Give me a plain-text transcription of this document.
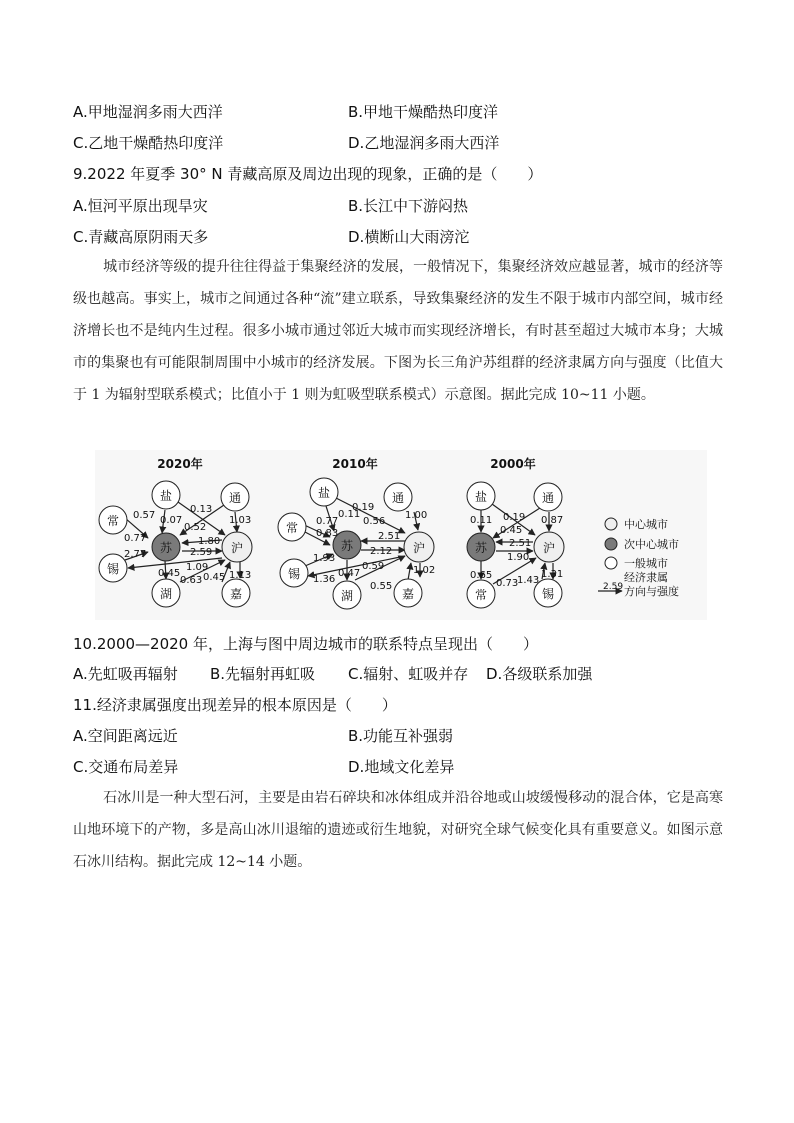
A.甲地湿润多雨大西洋	B.甲地干燥酷热印度洋
C.乙地干燥酷热印度洋	D.乙地湿润多雨大西洋
9.2022 年夏季 30° N 青藏高原及周边出现的现象，正确的是（　　）
A.恒河平原出现旱灾	B.长江中下游闷热
C.青藏高原阴雨天多	D.横断山大雨滂沱
城市经济等级的提升往往得益于集聚经济的发展，一般情况下，集聚经济效应越显著，城市的经济等级也越高。事实上，城市之间通过各种“流”建立联系，导致集聚经济的发生不限于城市内部空间，城市经济增长也不是纯内生过程。很多小城市通过邻近大城市而实现经济增长，有时甚至超过大城市本身；大城市的集聚也有可能限制周围中小城市的经济发展。下图为长三角沪苏组群的经济隶属方向与强度（比值大于 1 为辐射型联系模式；比值小于 1 则为虹吸型联系模式）示意图。据此完成 10~11 小题。
2020年
盐	通
常
苏	沪
锡
湖	嘉
0.13
0.57 0.07
0.52
1.03
0.77	1.80
2.77	2.59
1.09
0.45
0.63 0.45 1.13
2010年
盐	通
常
苏	沪
锡
湖	嘉
0.11
0.19
1.00
0.77
0.83
0.56
2.51
2.12
1.93
1.36
0.59
0.47
0.55
1.02
2000年
盐	通
苏	沪
常	锡
0.11 0.19 0.87
0.45
2.51
1.90
0.65
0.73
1.43
1.31
中心城市
次中心城市
一般城市
经济隶属
2.59 方向与强度
10.2000—2020 年，上海与图中周边城市的联系特点呈现出（　　）
A.先虹吸再辐射 B.先辐射再虹吸 C.辐射、虹吸并存 D.各级联系加强
11.经济隶属强度出现差异的根本原因是（　　）
A.空间距离远近	B.功能互补强弱
C.交通布局差异	D.地域文化差异
石冰川是一种大型石河，主要是由岩石碎块和冰体组成并沿谷地或山坡缓慢移动的混合体，它是高寒山地环境下的产物，多是高山冰川退缩的遗迹或衍生地貌，对研究全球气候变化具有重要意义。如图示意石冰川结构。据此完成 12~14 小题。
